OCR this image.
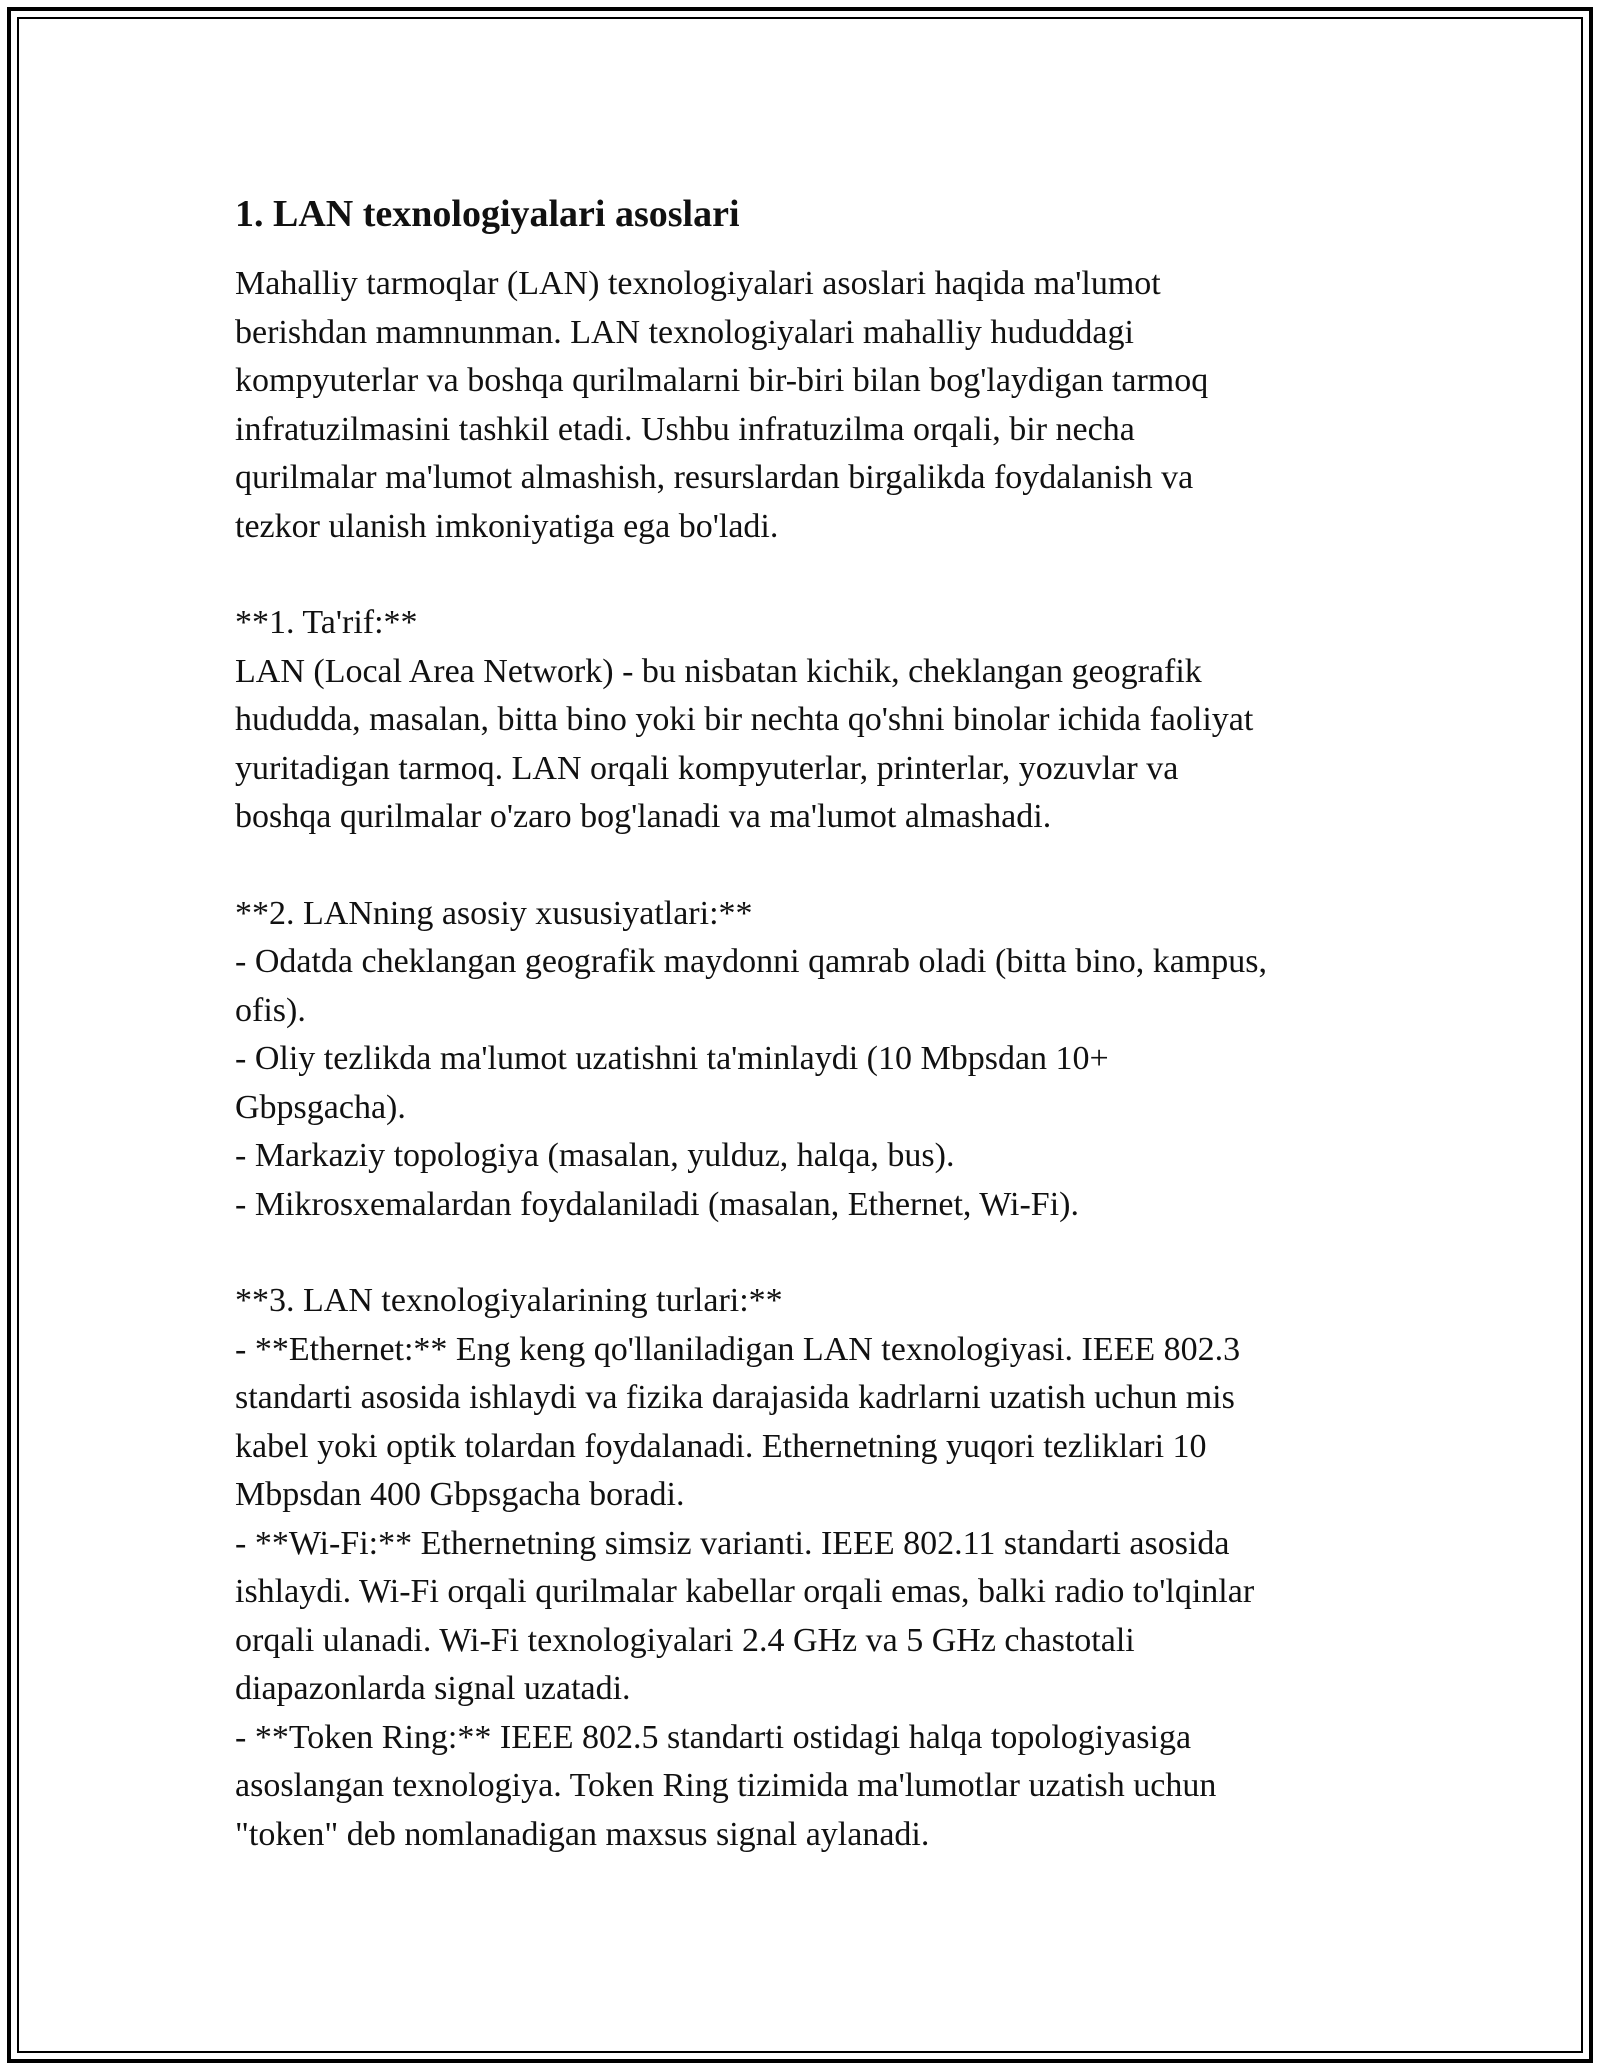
1. LAN texnologiyalari asoslari

Mahalliy tarmoqlar (LAN) texnologiyalari asoslari haqida ma'lumot
berishdan mamnunman. LAN texnologiyalari mahalliy hududdagi
kompyuterlar va boshqa qurilmalarni bir-biri bilan bog'laydigan tarmoq
infratuzilmasini tashkil etadi. Ushbu infratuzilma orqali, bir necha
qurilmalar ma'lumot almashish, resurslardan birgalikda foydalanish va
tezkor ulanish imkoniyatiga ega bo'ladi.

**1. Ta'rif:**
LAN (Local Area Network) - bu nisbatan kichik, cheklangan geografik
hududda, masalan, bitta bino yoki bir nechta qo'shni binolar ichida faoliyat
yuritadigan tarmoq. LAN orqali kompyuterlar, printerlar, yozuvlar va
boshqa qurilmalar o'zaro bog'lanadi va ma'lumot almashadi.

**2. LANning asosiy xususiyatlari:**
- Odatda cheklangan geografik maydonni qamrab oladi (bitta bino, kampus,
ofis).
- Oliy tezlikda ma'lumot uzatishni ta'minlaydi (10 Mbpsdan 10+
Gbpsgacha).
- Markaziy topologiya (masalan, yulduz, halqa, bus).
- Mikrosxemalardan foydalaniladi (masalan, Ethernet, Wi-Fi).

**3. LAN texnologiyalarining turlari:**
- **Ethernet:** Eng keng qo'llaniladigan LAN texnologiyasi. IEEE 802.3
standarti asosida ishlaydi va fizika darajasida kadrlarni uzatish uchun mis
kabel yoki optik tolardan foydalanadi. Ethernetning yuqori tezliklari 10
Mbpsdan 400 Gbpsgacha boradi.
- **Wi-Fi:** Ethernetning simsiz varianti. IEEE 802.11 standarti asosida
ishlaydi. Wi-Fi orqali qurilmalar kabellar orqali emas, balki radio to'lqinlar
orqali ulanadi. Wi-Fi texnologiyalari 2.4 GHz va 5 GHz chastotali
diapazonlarda signal uzatadi.
- **Token Ring:** IEEE 802.5 standarti ostidagi halqa topologiyasiga
asoslangan texnologiya. Token Ring tizimida ma'lumotlar uzatish uchun
"token" deb nomlanadigan maxsus signal aylanadi.
